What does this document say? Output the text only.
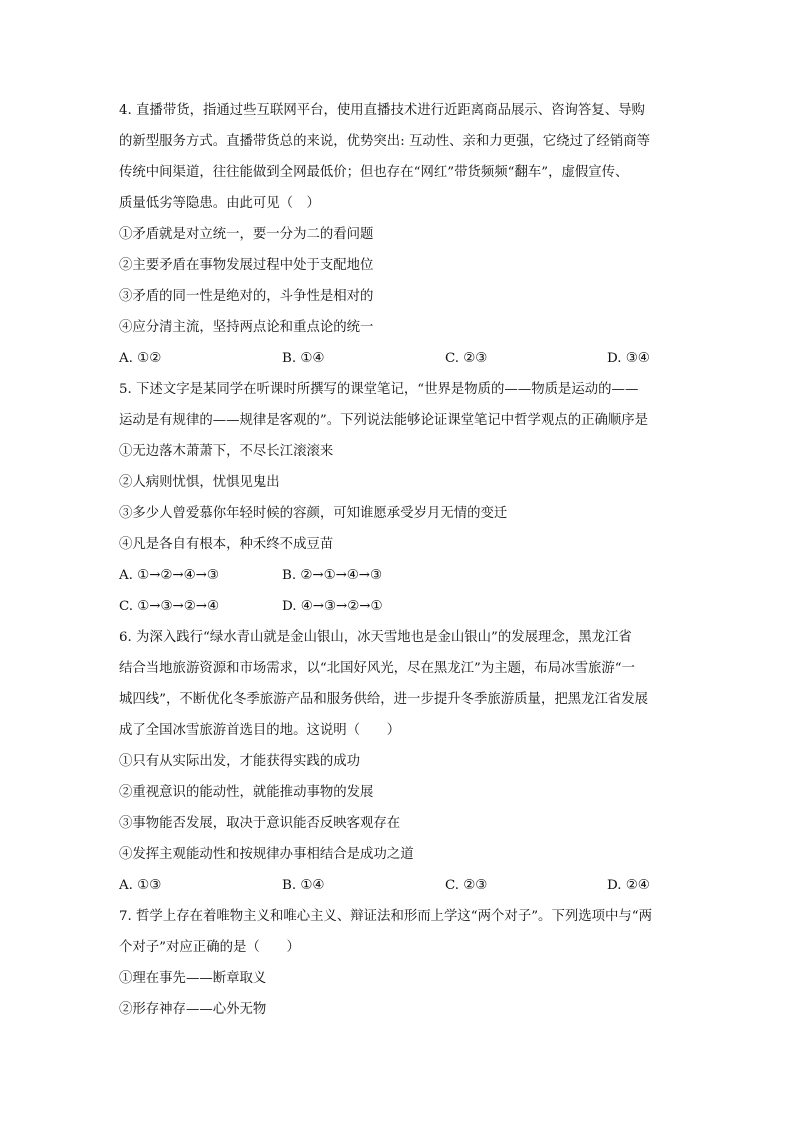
4. 直播带货，指通过些互联网平台，使用直播技术进行近距离商品展示、咨询答复、导购
的新型服务方式。直播带货总的来说，优势突出: 互动性、亲和力更强，它绕过了经销商等
传统中间渠道，往往能做到全网最低价；但也存在“网红”带货频频“翻车”，虚假宣传、
质量低劣等隐患。由此可见（　）
①矛盾就是对立统一，要一分为二的看问题
②主要矛盾在事物发展过程中处于支配地位
③矛盾的同一性是绝对的，斗争性是相对的
④应分清主流，坚持两点论和重点论的统一
A. ①②	B. ①④	C. ②③	D. ③④
5. 下述文字是某同学在听课时所撰写的课堂笔记，“世界是物质的——物质是运动的——
运动是有规律的——规律是客观的”。下列说法能够论证课堂笔记中哲学观点的正确顺序是
①无边落木萧萧下，不尽长江滚滚来
②人病则忧惧，忧惧见鬼出
③多少人曾爱慕你年轻时候的容颜，可知谁愿承受岁月无情的变迁
④凡是各自有根本，种禾终不成豆苗
A. ①→②→④→③	B. ②→①→④→③
C. ①→③→②→④	D. ④→③→②→①
6. 为深入践行“绿水青山就是金山银山，冰天雪地也是金山银山”的发展理念，黑龙江省
结合当地旅游资源和市场需求，以“北国好风光，尽在黑龙江”为主题，布局冰雪旅游“一
城四线”，不断优化冬季旅游产品和服务供给，进一步提升冬季旅游质量，把黑龙江省发展
成了全国冰雪旅游首选目的地。这说明（　　）
①只有从实际出发，才能获得实践的成功
②重视意识的能动性，就能推动事物的发展
③事物能否发展，取决于意识能否反映客观存在
④发挥主观能动性和按规律办事相结合是成功之道
A. ①③	B. ①④	C. ②③	D. ②④
7. 哲学上存在着唯物主义和唯心主义、辩证法和形而上学这“两个对子”。下列选项中与“两
个对子”对应正确的是（　　）
①理在事先——断章取义
②形存神存——心外无物
